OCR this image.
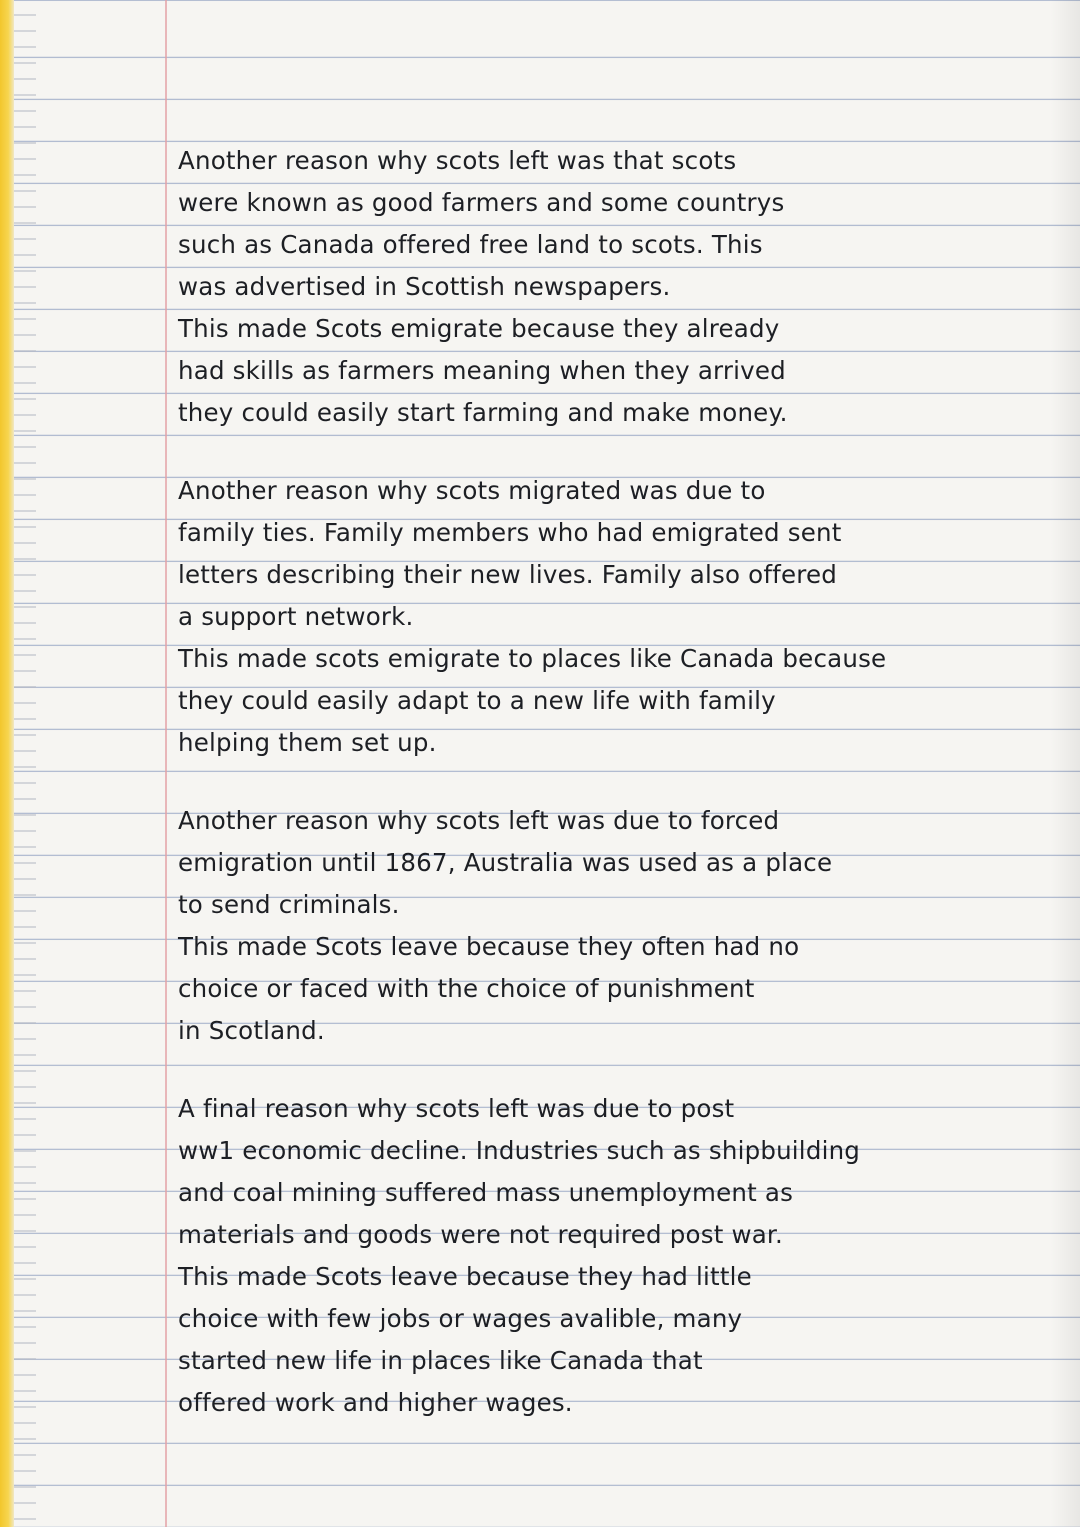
Another reason why scots left was that scots
were known as good farmers and some countrys
such as Canada offered free land to scots. This
was advertised in Scottish newspapers.
This made Scots emigrate because they already
had skills as farmers meaning when they arrived
they could easily start farming and make money.
Another reason why scots migrated was due to
family ties. Family members who had emigrated sent
letters describing their new lives. Family also offered
a support network.
This made scots emigrate to places like Canada because
they could easily adapt to a new life with family
helping them set up.
Another reason why scots left was due to forced
emigration until 1867, Australia was used as a place
to send criminals.
This made Scots leave because they often had no
choice or faced with the choice of punishment
in Scotland.
A final reason why scots left was due to post
ww1 economic decline. Industries such as shipbuilding
and coal mining suffered mass unemployment as
materials and goods were not required post war.
This made Scots leave because they had little
choice with few jobs or wages avalible, many
started new life in places like Canada that
offered work and higher wages.
